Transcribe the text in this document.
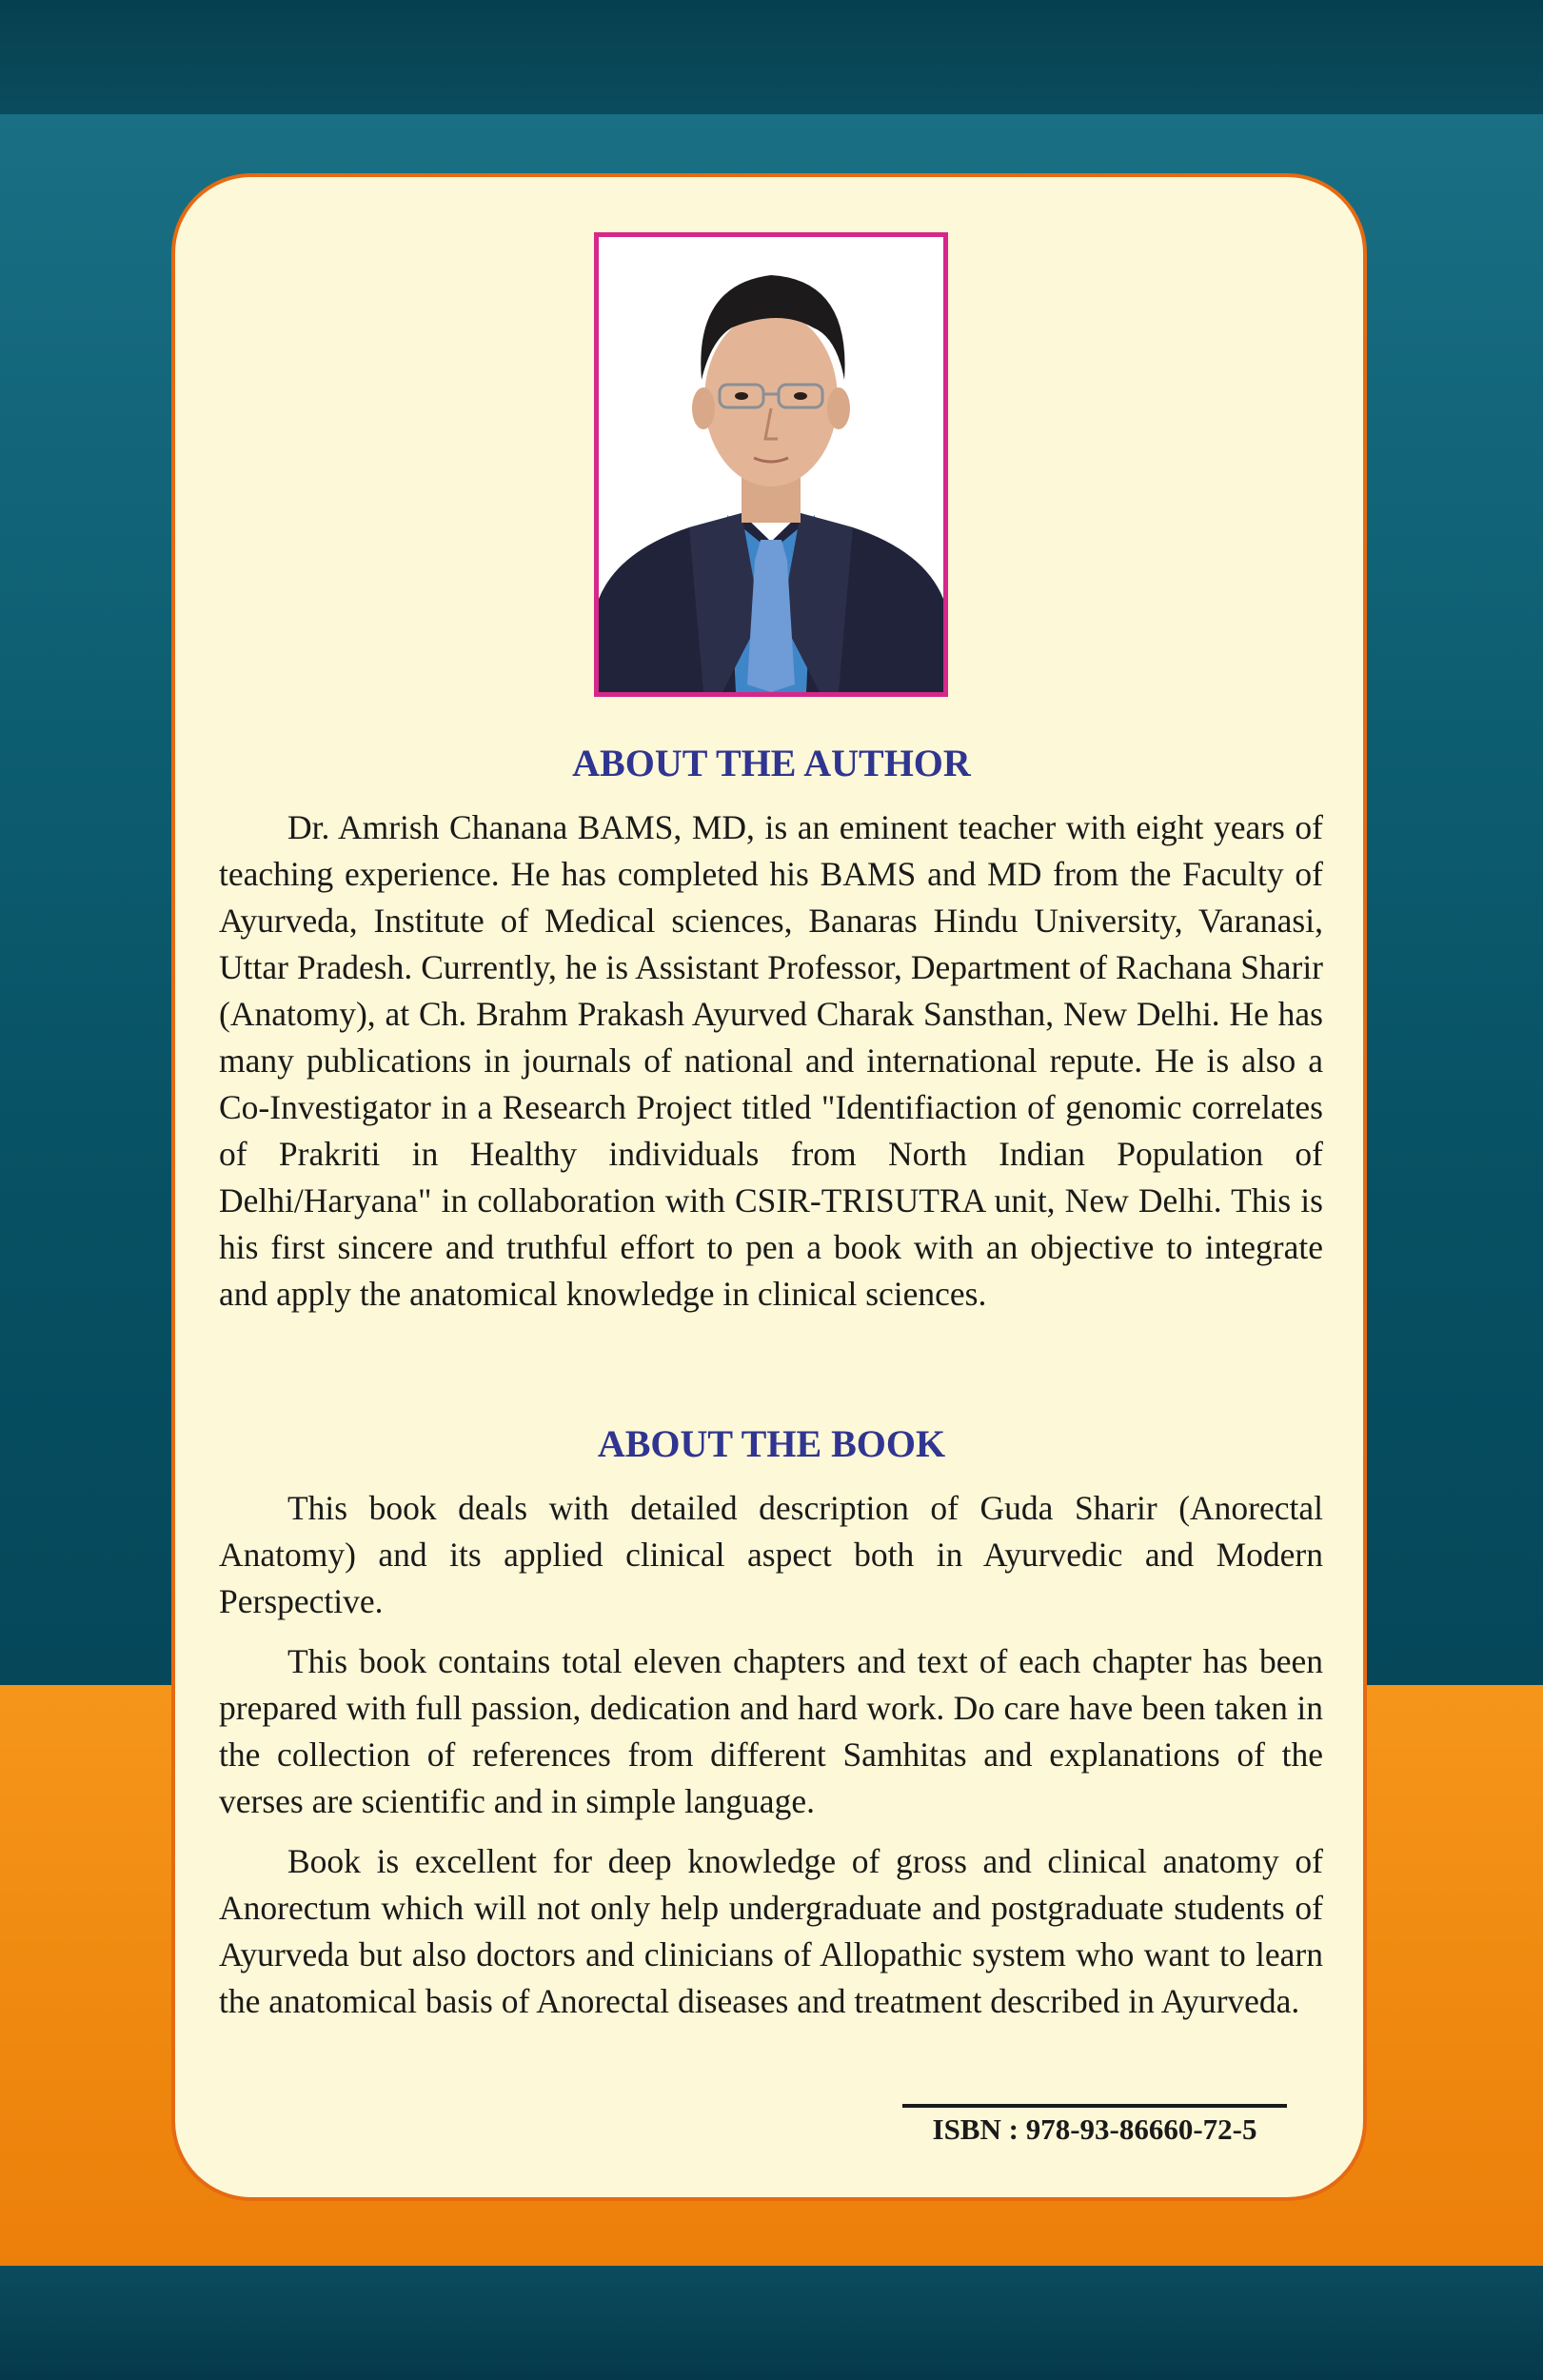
ABOUT THE AUTHOR

Dr. Amrish Chanana BAMS, MD, is an eminent teacher with eight years of teaching experience. He has completed his BAMS and MD from the Faculty of Ayurveda, Institute of Medical sciences, Banaras Hindu University, Varanasi, Uttar Pradesh. Currently, he is Assistant Professor, Department of Rachana Sharir (Anatomy), at Ch. Brahm Prakash Ayurved Charak Sansthan, New Delhi. He has many publications in journals of national and international repute. He is also a Co-Investigator in a Research Project titled "Identifiaction of genomic correlates of Prakriti in Healthy individuals from North Indian Population of Delhi/Haryana" in collaboration with CSIR-TRISUTRA unit, New Delhi. This is his first sincere and truthful effort to pen a book with an objective to integrate and apply the anatomical knowledge in clinical sciences.

ABOUT THE BOOK

This book deals with detailed description of Guda Sharir (Anorectal Anatomy) and its applied clinical aspect both in Ayurvedic and Modern Perspective.

This book contains total eleven chapters and text of each chapter has been prepared with full passion, dedication and hard work. Do care have been taken in the collection of references from different Samhitas and explanations of the verses are scientific and in simple language.

Book is excellent for deep knowledge of gross and clinical anatomy of Anorectum which will not only help undergraduate and postgraduate students of Ayurveda but also doctors and clinicians of Allopathic system who want to learn the anatomical basis of Anorectal diseases and treatment described in Ayurveda.

ISBN : 978-93-86660-72-5
